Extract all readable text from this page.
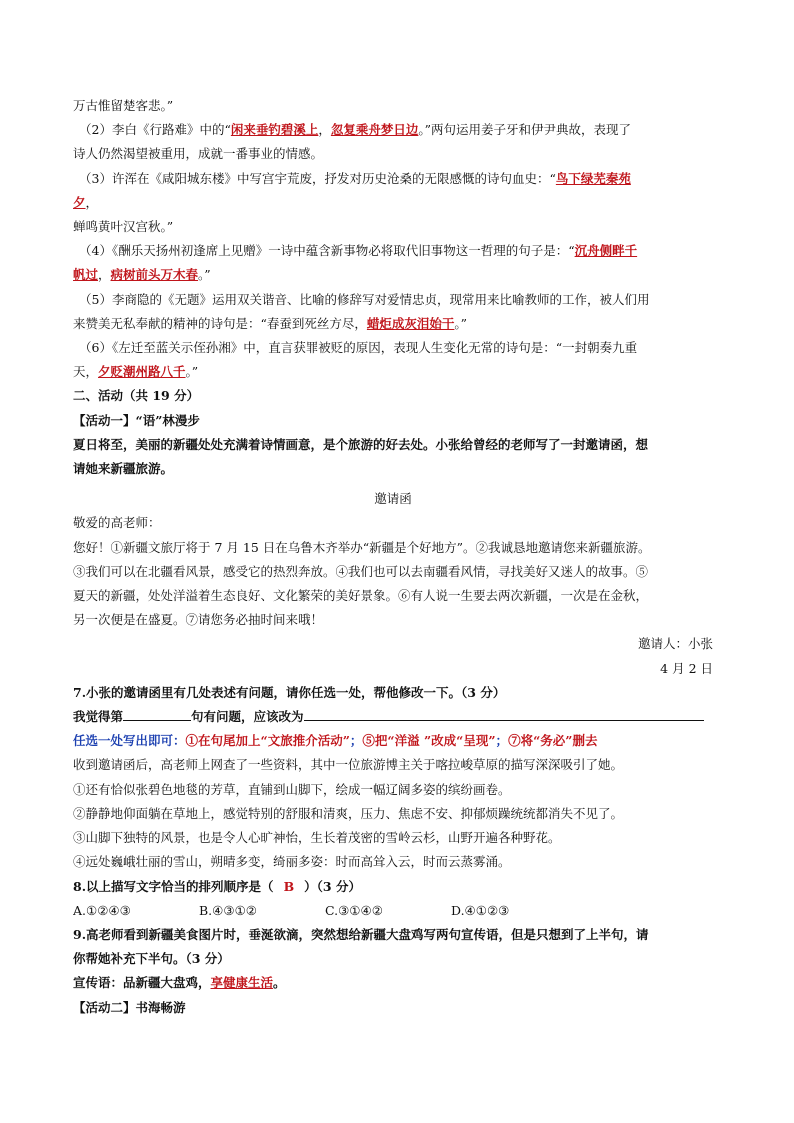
万古惟留楚客悲。”
（2）李白《行路难》中的“闲来垂钓碧溪上，忽复乘舟梦日边。”两句运用姜子牙和伊尹典故，表现了
诗人仍然渴望被重用，成就一番事业的情感。
（3）许浑在《咸阳城东楼》中写宫宇荒废，抒发对历史沧桑的无限感慨的诗句血史：“鸟下绿芜秦苑
夕，
蝉鸣黄叶汉宫秋。”
（4）《酬乐天扬州初逢席上见赠》一诗中蕴含新事物必将取代旧事物这一哲理的句子是：“沉舟侧畔千
帆过，病树前头万木春。”
（5）李商隐的《无题》运用双关谐音、比喻的修辞写对爱情忠贞，现常用来比喻教师的工作，被人们用
来赞美无私奉献的精神的诗句是：“春蚕到死丝方尽，蜡炬成灰泪始干。”
（6）《左迁至蓝关示侄孙湘》中，直言获罪被贬的原因，表现人生变化无常的诗句是：“一封朝奏九重
天，夕贬潮州路八千。”
二、活动（共 19 分）
【活动一】“语”林漫步
夏日将至，美丽的新疆处处充满着诗情画意，是个旅游的好去处。小张给曾经的老师写了一封邀请函，想
请她来新疆旅游。
邀请函
敬爱的高老师：
您好！①新疆文旅厅将于 7 月 15 日在乌鲁木齐举办“新疆是个好地方”。②我诚恳地邀请您来新疆旅游。
③我们可以在北疆看风景，感受它的热烈奔放。④我们也可以去南疆看风情，寻找美好又迷人的故事。⑤
夏天的新疆，处处洋溢着生态良好、文化繁荣的美好景象。⑥有人说一生要去两次新疆，一次是在金秋，
另一次便是在盛夏。⑦请您务必抽时间来哦！
邀请人：小张
4 月 2 日
7.小张的邀请函里有几处表述有问题，请你任选一处，帮他修改一下。（3 分）
我觉得第	句有问题，应该改为
任选一处写出即可：①在句尾加上“文旅推介活动”；⑤把“洋溢 ”改成“呈现”；⑦将“务必”删去
收到邀请函后，高老师上网查了一些资料，其中一位旅游博主关于喀拉峻草原的描写深深吸引了她。
①还有恰似张碧色地毯的芳草，直铺到山脚下，绘成一幅辽阔多姿的缤纷画卷。
②静静地仰面躺在草地上，感觉特别的舒服和清爽，压力、焦虑不安、抑郁烦躁统统都消失不见了。
③山脚下独特的风景，也是令人心旷神怡，生长着茂密的雪岭云杉，山野开遍各种野花。
④远处巍峨壮丽的雪山，朔晴多变，绮丽多姿：时而高耸入云，时而云蒸雾涌。
8.以上描写文字恰当的排列顺序是（ B ）（3 分）
A.①②④③	B.④③①②	C.③①④②	D.④①②③
9.高老师看到新疆美食图片时，垂涎欲滴，突然想给新疆大盘鸡写两句宣传语，但是只想到了上半句，请
你帮她补充下半句。（3 分）
宣传语：品新疆大盘鸡，享健康生活。
【活动二】书海畅游
